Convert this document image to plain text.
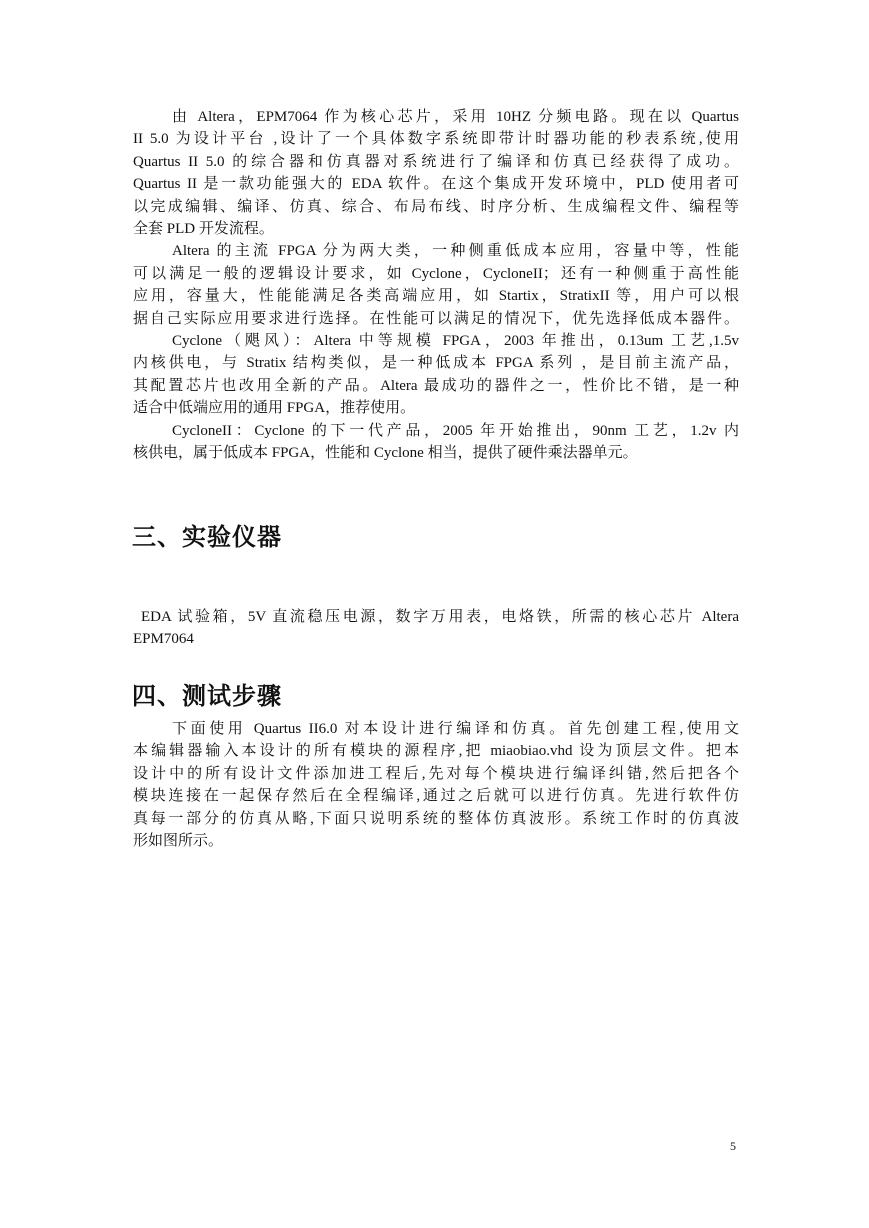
由 Altera，EPM7064 作为核心芯片，采用 10HZ 分频电路。现在以 Quartus
II 5.0 为设计平台 ,设计了一个具体数字系统即带计时器功能的秒表系统,使用
Quartus II 5.0 的综合器和仿真器对系统进行了编译和仿真已经获得了成功。
Quartus II 是一款功能强大的 EDA 软件。在这个集成开发环境中，PLD 使用者可
以完成编辑、编译、仿真、综合、布局布线、时序分析、生成编程文件、编程等
全套 PLD 开发流程。
Altera 的主流 FPGA 分为两大类，一种侧重低成本应用，容量中等，性能
可以满足一般的逻辑设计要求，如 Cyclone，CycloneII；还有一种侧重于高性能
应用，容量大，性能能满足各类高端应用，如 Startix，StratixII 等，用户可以根
据自己实际应用要求进行选择。在性能可以满足的情况下，优先选择低成本器件。
Cyclone（飓风）：Altera 中等规模 FPGA，2003 年推出，0.13um 工艺,1.5v
内核供电，与 Stratix 结构类似，是一种低成本 FPGA 系列 ，是目前主流产品，
其配置芯片也改用全新的产品。Altera 最成功的器件之一，性价比不错，是一种
适合中低端应用的通用 FPGA，推荐使用。
CycloneII：Cyclone 的下一代产品，2005 年开始推出，90nm 工艺，1.2v 内
核供电，属于低成本 FPGA，性能和 Cyclone 相当，提供了硬件乘法器单元。
三、实验仪器
EDA 试验箱，5V 直流稳压电源，数字万用表，电烙铁，所需的核心芯片 Altera
EPM7064
四、测试步骤
下面使用 Quartus II6.0 对本设计进行编译和仿真。首先创建工程,使用文
本编辑器输入本设计的所有模块的源程序,把 miaobiao.vhd 设为顶层文件。把本
设计中的所有设计文件添加进工程后,先对每个模块进行编译纠错,然后把各个
模块连接在一起保存然后在全程编译,通过之后就可以进行仿真。先进行软件仿
真每一部分的仿真从略,下面只说明系统的整体仿真波形。系统工作时的仿真波
形如图所示。
5
